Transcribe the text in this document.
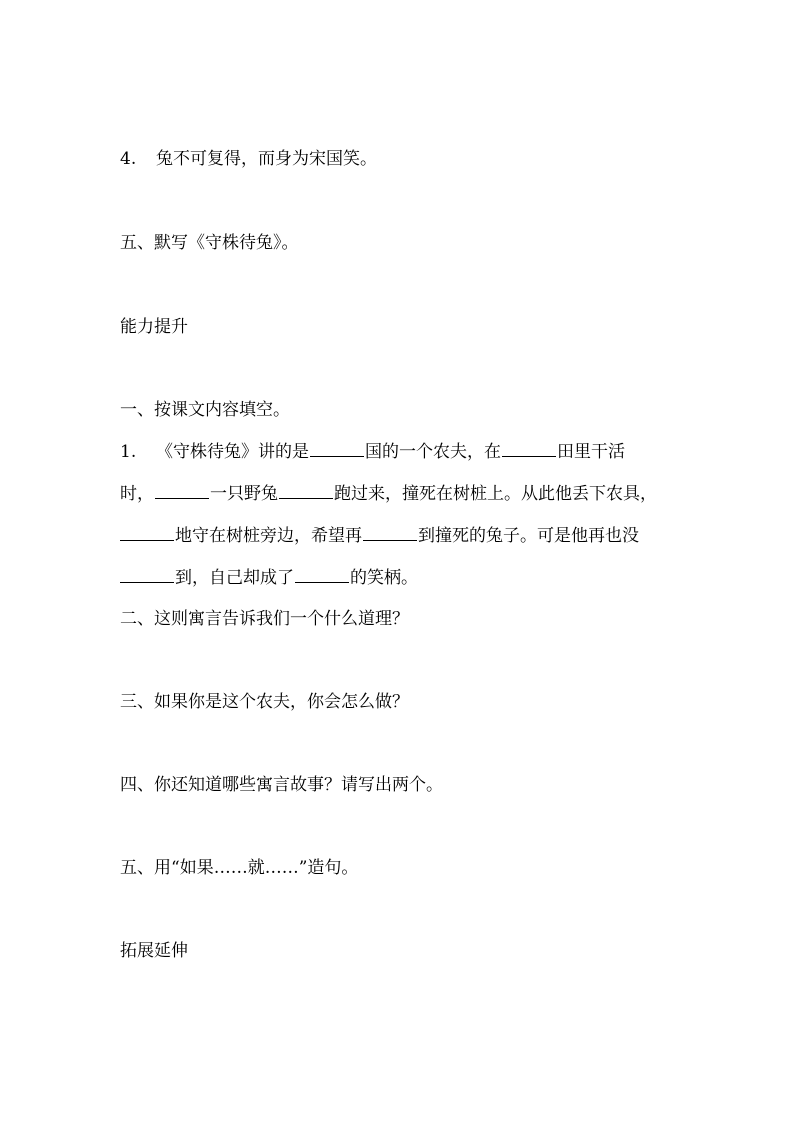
4. 兔不可复得，而身为宋国笑。
五、默写《守株待兔》。
能力提升
一、按课文内容填空。
1. 《守株待兔》讲的是	国的一个农夫，在	田里干活
时，	一只野兔	跑过来，撞死在树桩上。从此他丢下农具，
地守在树桩旁边，希望再	到撞死的兔子。可是他再也没
到，自己却成了	的笑柄。
二、这则寓言告诉我们一个什么道理？
三、如果你是这个农夫，你会怎么做？
四、你还知道哪些寓言故事？请写出两个。
五、用“如果……就……”造句。
拓展延伸
